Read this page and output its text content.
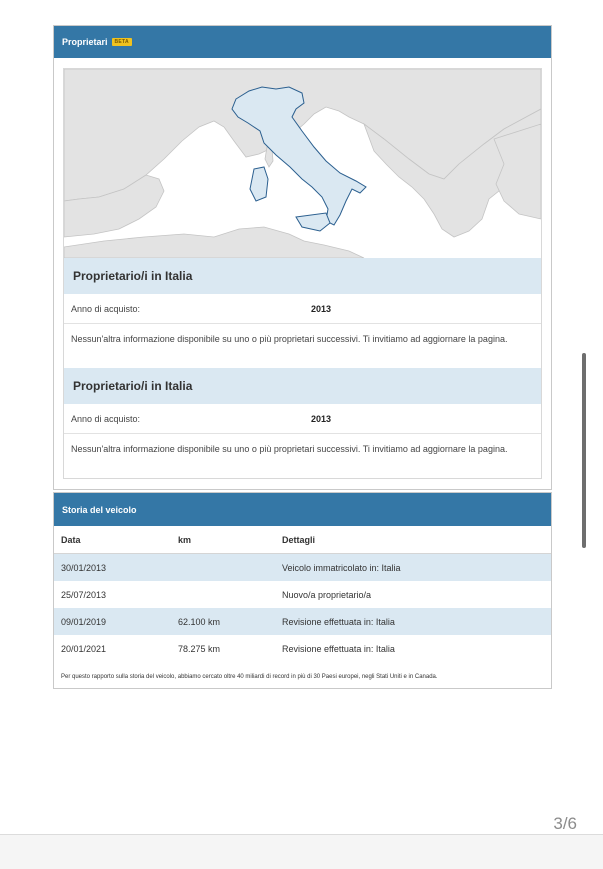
Proprietari	BETA
Proprietario/i in Italia
Anno di acquisto:	2013
Nessun'altra informazione disponibile su uno o più proprietari successivi. Ti invitiamo ad aggiornare la pagina.
Proprietario/i in Italia
Anno di acquisto:	2013
Nessun'altra informazione disponibile su uno o più proprietari successivi. Ti invitiamo ad aggiornare la pagina.
Storia del veicolo
Data	km	Dettagli
30/01/2013		Veicolo immatricolato in: Italia
25/07/2013		Nuovo/a proprietario/a
09/01/2019	62.100 km	Revisione effettuata in: Italia
20/01/2021	78.275 km	Revisione effettuata in: Italia
Per questo rapporto sulla storia del veicolo, abbiamo cercato oltre 40 miliardi di record in più di 30 Paesi europei, negli Stati Uniti e in Canada.
3/6
